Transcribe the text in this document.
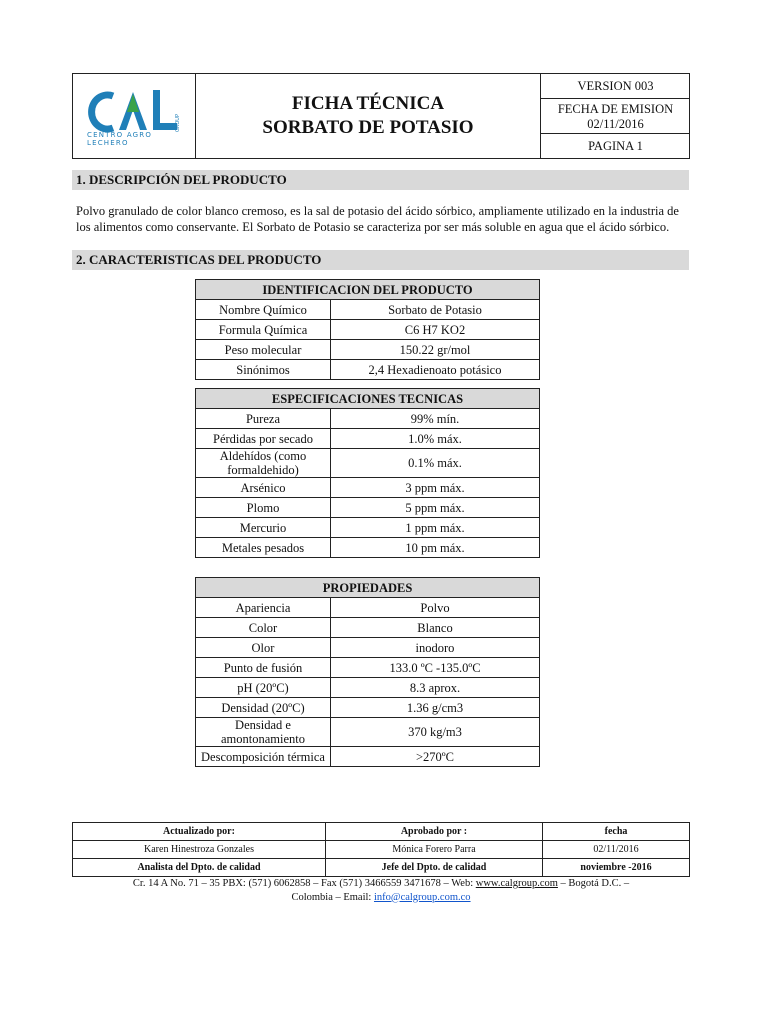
GROUP
CENTRO AGRO LECHERO
FICHA TÉCNICA
SORBATO DE POTASIO
VERSION 003
FECHA DE EMISION
02/11/2016
PAGINA 1
1. DESCRIPCIÓN DEL PRODUCTO
Polvo granulado de color blanco cremoso, es la sal de potasio del ácido sórbico, ampliamente utilizado en la industria de los alimentos como conservante. El Sorbato de Potasio se caracteriza por ser más soluble en agua que el ácido sórbico.
2. CARACTERISTICAS DEL PRODUCTO
IDENTIFICACION DEL PRODUCTO	
Nombre Químico	Sorbato de Potasio
Formula Química	C6 H7 KO2
Peso molecular	150.22 gr/mol
Sinónimos	2,4 Hexadienoato potásico
ESPECIFICACIONES TECNICAS	
Pureza	99% mín.
Pérdidas por secado	1.0% máx.
Aldehídos (como formaldehido)	0.1% máx.
Arsénico	3 ppm máx.
Plomo	5 ppm máx.
Mercurio	1 ppm máx.
Metales pesados	10 pm máx.
PROPIEDADES	
Apariencia	Polvo
Color	Blanco
Olor	inodoro
Punto de fusión	133.0 ºC -135.0ºC
pH (20ºC)	8.3 aprox.
Densidad (20ºC)	1.36 g/cm3
Densidad e amontonamiento	370 kg/m3
Descomposición térmica	>270ºC
Actualizado por:	Aprobado por :	fecha
Karen Hinestroza Gonzales	Mónica Forero Parra	02/11/2016
Analista del Dpto. de calidad	Jefe del Dpto. de calidad	noviembre -2016
Cr. 14 A No. 71 – 35 PBX: (571) 6062858 – Fax (571) 3466559 3471678 – Web: www.calgroup.com – Bogotá D.C. –
Colombia – Email: info@calgroup.com.co
